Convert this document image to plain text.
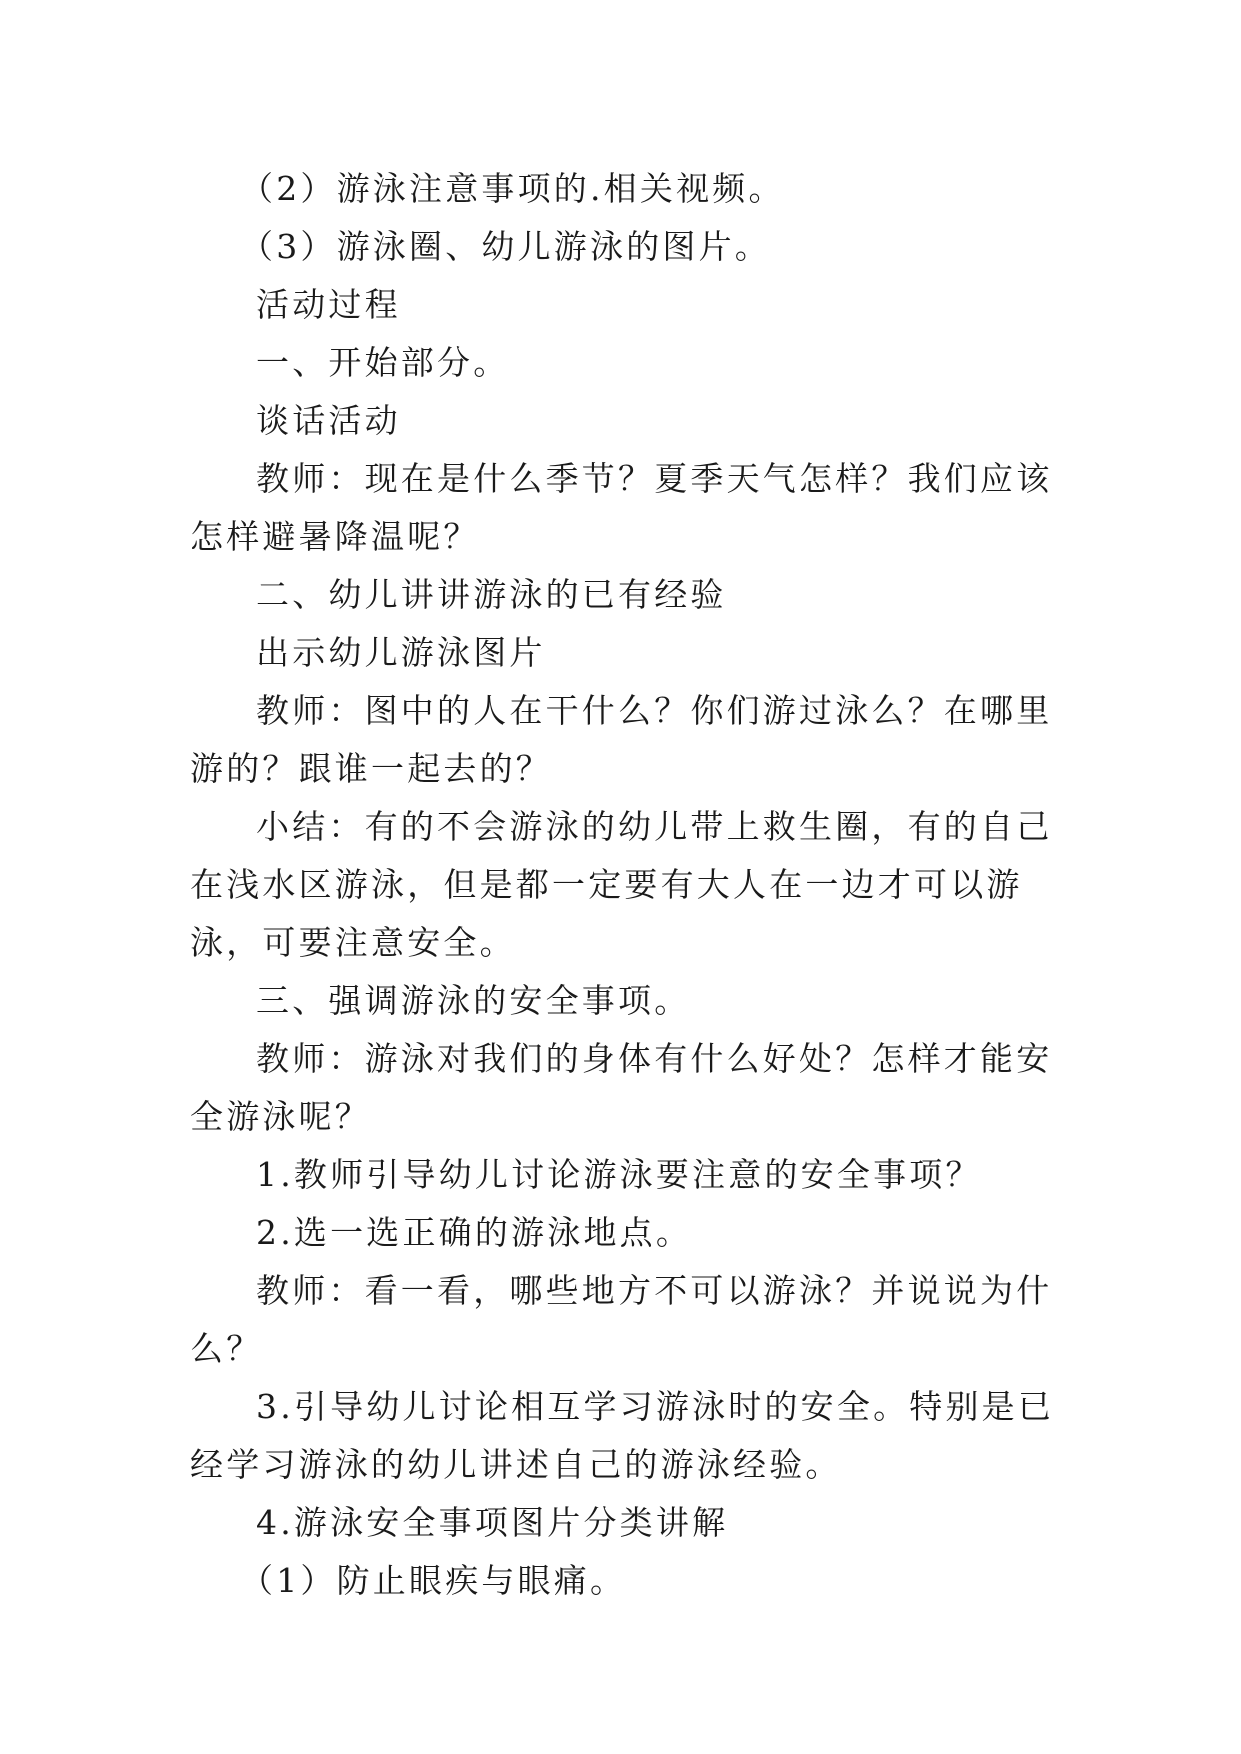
（2）游泳注意事项的.相关视频。

（3）游泳圈、幼儿游泳的图片。

活动过程

一、开始部分。

谈话活动

教师：现在是什么季节？夏季天气怎样？我们应该怎样避暑降温呢？

二、幼儿讲讲游泳的已有经验

出示幼儿游泳图片

教师：图中的人在干什么？你们游过泳么？在哪里游的？跟谁一起去的？

小结：有的不会游泳的幼儿带上救生圈，有的自己在浅水区游泳，但是都一定要有大人在一边才可以游泳，可要注意安全。

三、强调游泳的安全事项。

教师：游泳对我们的身体有什么好处？怎样才能安全游泳呢？

1.教师引导幼儿讨论游泳要注意的安全事项？

2.选一选正确的游泳地点。

教师：看一看，哪些地方不可以游泳？并说说为什么？

3.引导幼儿讨论相互学习游泳时的安全。特别是已经学习游泳的幼儿讲述自己的游泳经验。

4.游泳安全事项图片分类讲解

（1）防止眼疾与眼痛。
